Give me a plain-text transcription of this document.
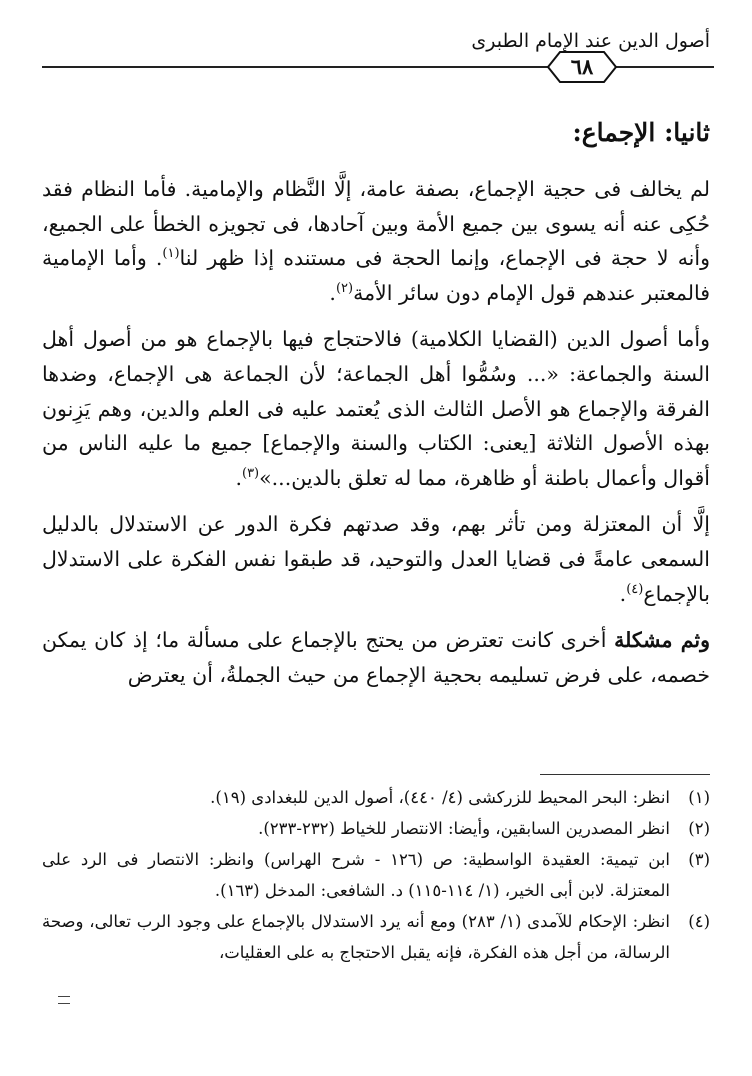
أصول الدين عند الإمام الطبرى
٦٨
ثانيا: الإجماع:

لم يخالف فى حجية الإجماع، بصفة عامة، إلَّا النَّظام والإمامية. فأما النظام فقد حُكِى عنه أنه يسوى بين جميع الأمة وبين آحادها، فى تجويزه الخطأ على الجميع، وأنه لا حجة فى الإجماع، وإنما الحجة فى مستنده إذا ظهر لنا$^{(١)}$. وأما الإمامية فالمعتبر عندهم قول الإمام دون سائر الأمة$^{(٢)}$.

وأما أصول الدين (القضايا الكلامية) فالاحتجاج فيها بالإجماع هو من أصول أهل السنة والجماعة: «... وسُمُّوا أهل الجماعة؛ لأن الجماعة هى الإجماع، وضدها الفرقة والإجماع هو الأصل الثالث الذى يُعتمد عليه فى العلم والدين، وهم يَزِنون بهذه الأصول الثلاثة [يعنى: الكتاب والسنة والإجماع] جميع ما عليه الناس من أقوال وأعمال باطنة أو ظاهرة، مما له تعلق بالدين...»$^{(٣)}$.

إلَّا أن المعتزلة ومن تأثر بهم، وقد صدتهم فكرة الدور عن الاستدلال بالدليل السمعى عامةً فى قضايا العدل والتوحيد، قد طبقوا نفس الفكرة على الاستدلال بالإجماع$^{(٤)}$.

وثم مشكلة أخرى كانت تعترض من يحتج بالإجماع على مسألة ما؛ إذ كان يمكن خصمه، على فرض تسليمه بحجية الإجماع من حيث الجملةُ، أن يعترض

(١)
انظر: البحر المحيط للزركشى (٤/ ٤٤٠)، أصول الدين للبغدادى (١٩).
(٢)
انظر المصدرين السابقين، وأيضا: الانتصار للخياط (٢٣٢-٢٣٣).
(٣)
ابن تيمية: العقيدة الواسطية: ص (١٢٦ - شرح الهراس) وانظر: الانتصار فى الرد على المعتزلة. لابن أبى الخير، (١/ ١١٤-١١٥) د. الشافعى: المدخل (١٦٣).
(٤)
انظر: الإحكام للآمدى (١/ ٢٨٣) ومع أنه يرد الاستدلال بالإجماع على وجود الرب تعالى، وصحة الرسالة، من أجل هذه الفكرة، فإنه يقبل الاحتجاج به على العقليات،
